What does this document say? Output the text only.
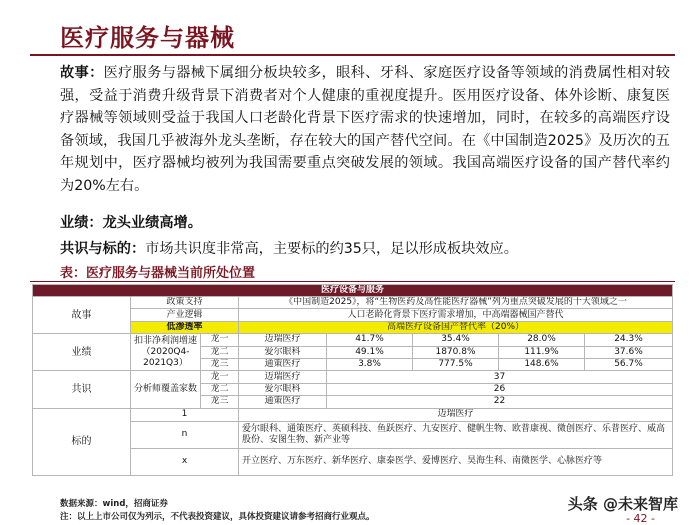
医疗服务与器械
故事：医疗服务与器械下属细分板块较多，眼科、牙科、家庭医疗设备等领域的消费属性相对较强，受益于消费升级背景下消费者对个人健康的重视度提升。医用医疗设备、体外诊断、康复医疗器械等领域则受益于我国人口老龄化背景下医疗需求的快速增加，同时，在较多的高端医疗设备领域，我国几乎被海外龙头垄断，存在较大的国产替代空间。在《中国制造2025》及历次的五年规划中，医疗器械均被列为我国需要重点突破发展的领域。我国高端医疗设备的国产替代率约为20%左右。
业绩：龙头业绩高增。
共识与标的：市场共识度非常高，主要标的约35只，足以形成板块效应。
表：医疗服务与器械当前所处位置
医疗设备与服务							
故事	政策支持		《中国制造2025》，将“生物医药及高性能医疗器械”列为重点突破发展的十大领域之一				
	产业逻辑		人口老龄化背景下医疗需求增加，中高端器械国产替代				
	低渗透率		高端医疗设备国产替代率（20%）				
业绩	扣非净利润增速（2020Q4-2021Q3）	龙一	迈瑞医疗	41.7%	35.4%	28.0%	24.3%
		龙二	爱尔眼科	49.1%	1870.8%	111.9%	37.6%
		龙三	通策医疗	3.8%	777.5%	148.6%	56.7%
共识	分析师覆盖家数	龙一	迈瑞医疗	37			
		龙二	爱尔眼科	26			
		龙三	通策医疗	22			
标的	1		迈瑞医疗				
	n		爱尔眼科、通策医疗、英硕科技、鱼跃医疗、九安医疗、健帆生物、欧普康视、微创医疗、乐普医疗、威高股份、安图生物、新产业等				
	x		开立医疗、万东医疗、新华医疗、康泰医学、爱博医疗、昊海生科、南微医学、心脉医疗等				
数据来源：wind，招商证券
注：以上上市公司仅为列示，不代表投资建议，具体投资建议请参考招商行业观点。
头条 @未来智库
- 42 -
